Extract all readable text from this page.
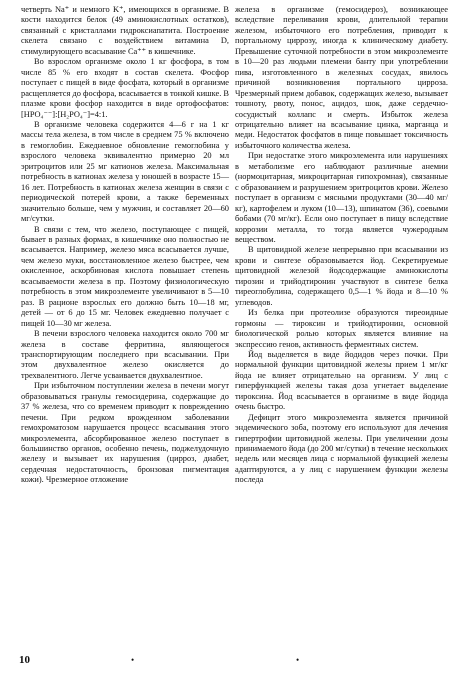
четверть Na⁺ и немного K⁺, имеющихся в организме. В кости находится белок (49 аминокислотных остатков), связанный с кристаллами гидроксиапатита. Построение скелета связано с воздействием витамина D, стимулирующего всасывание Ca⁺⁺ в кишечнике.

Во взрослом организме около 1 кг фосфора, в том числе 85 % его входят в состав скелета. Фосфор поступает с пищей в виде фосфата, который в организме расщепляется до фосфора, всасывается в тонкой кишке. В плазме крови фосфор находится в виде ортофосфатов: [HPO₄⁻⁻]:[H₂PO₄⁻]=4:1.

В организме человека содержится 4—6 г на 1 кг массы тела железа, в том числе в среднем 75 % включено в гемоглобин. Ежедневное обновление гемоглобина у взрослого человека эквивалентно примерно 20 мл эритроцитов или 25 мг катионов железа. Максимальная потребность в катионах железа у юношей в возрасте 15—16 лет. Потребность в катионах железа женщин в связи с периодической потерей крови, а также беременных значительно больше, чем у мужчин, и составляет 20—60 мг/сутки.

В связи с тем, что железо, поступающее с пищей, бывает в разных формах, в кишечнике оно полностью не всасывается. Например, железо мяса всасывается лучше, чем железо муки, восстановленное железо быстрее, чем окисленное, аскорбиновая кислота повышает степень всасываемости железа в пр. Поэтому физиологическую потребность в этом микроэлементе увеличивают в 5—10 раз. В рационе взрослых его должно быть 10—18 мг, детей — от 6 до 15 мг. Человек ежедневно получает с пищей 10—30 мг железа.

В печени взрослого человека находится около 700 мг железа в составе ферритина, являющегося транспортирующим последнего при всасывании. При этом двухвалентное железо окисляется до трехвалентного. Легче усваивается двухвалентное.

При избыточном поступлении железа в печени могут образовываться гранулы гемосидерина, содержащие до 37 % железа, что со временем приводит к повреждению печени. При редком врожденном заболевании гемохроматозом нарушается процесс всасывания этого микроэлемента, абсорбированное железо поступает в большинство органов, особенно печень, поджелудочную железу и вызывает их нарушения (цирроз, диабет, сердечная недостаточность, бронзовая пигментация кожи). Чрезмерное отложение

железа в организме (гемосидероз), возникающее вследствие переливания крови, длительной терапии железом, избыточного его потребления, приводит к портальному циррозу, иногда к клиническому диабету. Превышение суточной потребности в этом микроэлементе в 10—20 раз людьми племени банту при употреблении пива, изготовленного в железных сосудах, явилось причиной возникновения портального цирроза. Чрезмерный прием добавок, содержащих железо, вызывает тошноту, рвоту, понос, ацидоз, шок, даже сердечно-сосудистый коллапс и смерть. Избыток железа отрицательно влияет на всасывание цинка, марганца и меди. Недостаток фосфатов в пище повышает токсичность избыточного количества железа.

При недостатке этого микроэлемента или нарушениях в метаболизме его наблюдают различные анемии (нормоцитарная, микроцитарная гипохромная), связанные с образованием и разрушением эритроцитов крови. Железо поступает в организм с мясными продуктами (30—40 мг/кг), картофелем и луком (10—13), шпинатом (36), соевыми бобами (70 мг/кг). Если оно поступает в пищу вследствие коррозии металла, то тогда является чужеродным веществом.

В щитовидной железе непрерывно при всасывании из крови и синтезе образовывается йод. Секретируемые щитовидной железой йодсодержащие аминокислоты тирозин и трийодтиронин участвуют в синтезе белка тиреоглобулина, содержащего 0,5—1 % йода и 8—10 % углеводов.

Из белка при протеолизе образуются тиреоидные гормоны — тироксин и трийодтиронин, основной биологической ролью которых является влияние на экспрессию генов, активность ферментных систем.

Йод выделяется в виде йодидов через почки. При нормальной функции щитовидной железы прием 1 мг/кг йода не влияет отрицательно на организм. У лиц с гиперфункцией железы такая доза угнетает выделение тироксина. Йод всасывается в организме в виде йодида очень быстро.

Дефицит этого микроэлемента является причиной эндемического зоба, поэтому его используют для лечения гипертрофии щитовидной железы. При увеличении дозы принимаемого йода (до 200 мг/сутки) в течение нескольких недель или месяцев лица с нормальной функцией железы адаптируются, а у лиц с нарушением функции железы последа

10	•	•
